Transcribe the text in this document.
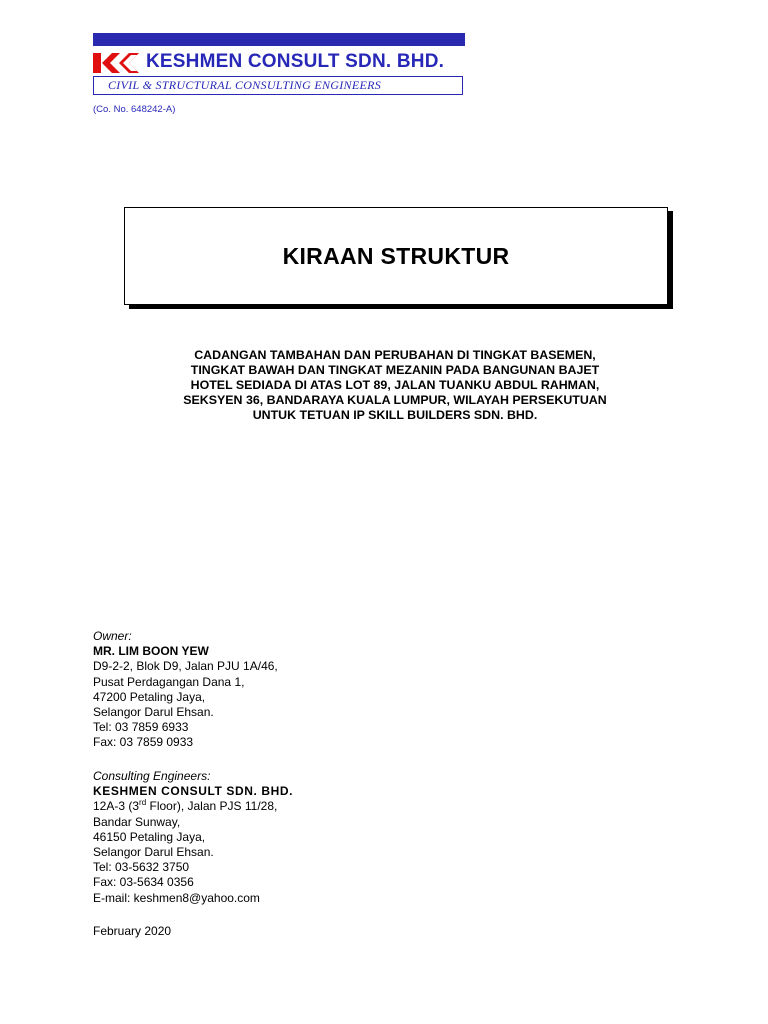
KESHMEN CONSULT SDN. BHD.
CIVIL & STRUCTURAL CONSULTING ENGINEERS
(Co. No. 648242-A)
KIRAAN STRUKTUR
CADANGAN TAMBAHAN DAN PERUBAHAN DI TINGKAT BASEMEN,
TINGKAT BAWAH DAN TINGKAT MEZANIN PADA BANGUNAN BAJET
HOTEL SEDIADA DI ATAS LOT 89, JALAN TUANKU ABDUL RAHMAN,
SEKSYEN 36, BANDARAYA KUALA LUMPUR, WILAYAH PERSEKUTUAN
UNTUK TETUAN IP SKILL BUILDERS SDN. BHD.
Owner:
MR. LIM BOON YEW
D9-2-2, Blok D9, Jalan PJU 1A/46,
Pusat Perdagangan Dana 1,
47200 Petaling Jaya,
Selangor Darul Ehsan.
Tel: 03 7859 6933
Fax: 03 7859 0933
Consulting Engineers:
KESHMEN CONSULT SDN. BHD.
12A-3 (3rd Floor), Jalan PJS 11/28,
Bandar Sunway,
46150 Petaling Jaya,
Selangor Darul Ehsan.
Tel: 03-5632 3750
Fax: 03-5634 0356
E-mail: keshmen8@yahoo.com
February 2020
